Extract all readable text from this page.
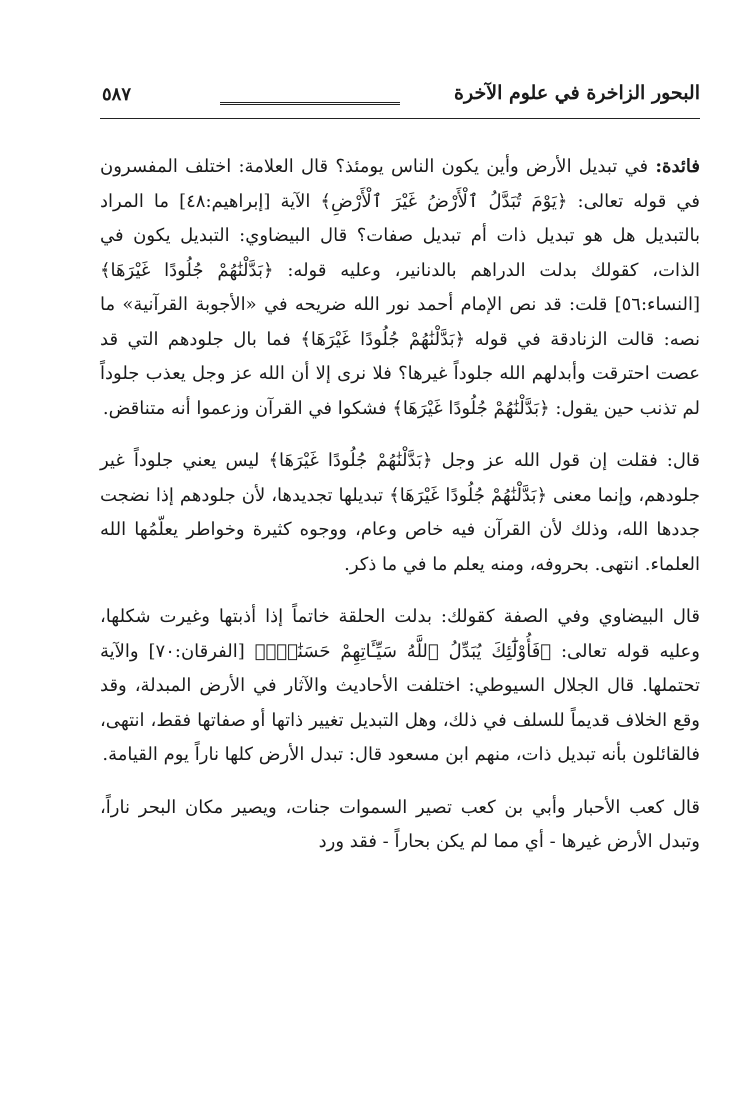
البحور الزاخرة في علوم الآخرة
٥٨٧

فائدة: في تبديل الأرض وأين يكون الناس يومئذ؟ قال العلامة: اختلف المفسرون في قوله تعالى: ﴿يَوْمَ تُبَدَّلُ ٱلْأَرْضُ غَيْرَ ٱلْأَرْضِ﴾ الآية [إبراهيم:٤٨] ما المراد بالتبديل هل هو تبديل ذات أم تبديل صفات؟ قال البيضاوي: التبديل يكون في الذات، كقولك بدلت الدراهم بالدنانير، وعليه قوله: ﴿بَدَّلْنَٰهُمْ جُلُودًا غَيْرَهَا﴾ [النساء:٥٦] قلت: قد نص الإمام أحمد نور الله ضريحه في «الأجوبة القرآنية» ما نصه: قالت الزنادقة في قوله ﴿بَدَّلْنَٰهُمْ جُلُودًا غَيْرَهَا﴾ فما بال جلودهم التي قد عصت احترقت وأبدلهم الله جلوداً غيرها؟ فلا نرى إلا أن الله عز وجل يعذب جلوداً لم تذنب حين يقول: ﴿بَدَّلْنَٰهُمْ جُلُودًا غَيْرَهَا﴾ فشكوا في القرآن وزعموا أنه متناقض.

قال: فقلت إن قول الله عز وجل ﴿بَدَّلْنَٰهُمْ جُلُودًا غَيْرَهَا﴾ ليس يعني جلوداً غير جلودهم، وإنما معنى ﴿بَدَّلْنَٰهُمْ جُلُودًا غَيْرَهَا﴾ تبديلها تجديدها، لأن جلودهم إذا نضجت جددها الله، وذلك لأن القرآن فيه خاص وعام، ووجوه كثيرة وخواطر يعلّمُها الله العلماء. انتهى. بحروفه، ومنه يعلم ما في ما ذكر.

قال البيضاوي وفي الصفة كقولك: بدلت الحلقة خاتماً إذا أذبتها وغيرت شكلها، وعليه قوله تعالى: ﴿فَأُوْلَٰٓئِكَ يُبَدِّلُ ٱللَّهُ سَيِّـَٔاتِهِمْ حَسَنَٰتٍۢ﴾ [الفرقان:٧٠] والآية تحتملها. قال الجلال السيوطي: اختلفت الأحاديث والآثار في الأرض المبدلة، وقد وقع الخلاف قديماً للسلف في ذلك، وهل التبديل تغيير ذاتها أو صفاتها فقط، انتهى، فالقائلون بأنه تبديل ذات، منهم ابن مسعود قال: تبدل الأرض كلها ناراً يوم القيامة.

قال كعب الأحبار وأبي بن كعب تصير السموات جنات، ويصير مكان البحر ناراً، وتبدل الأرض غيرها - أي مما لم يكن بحاراً - فقد ورد
